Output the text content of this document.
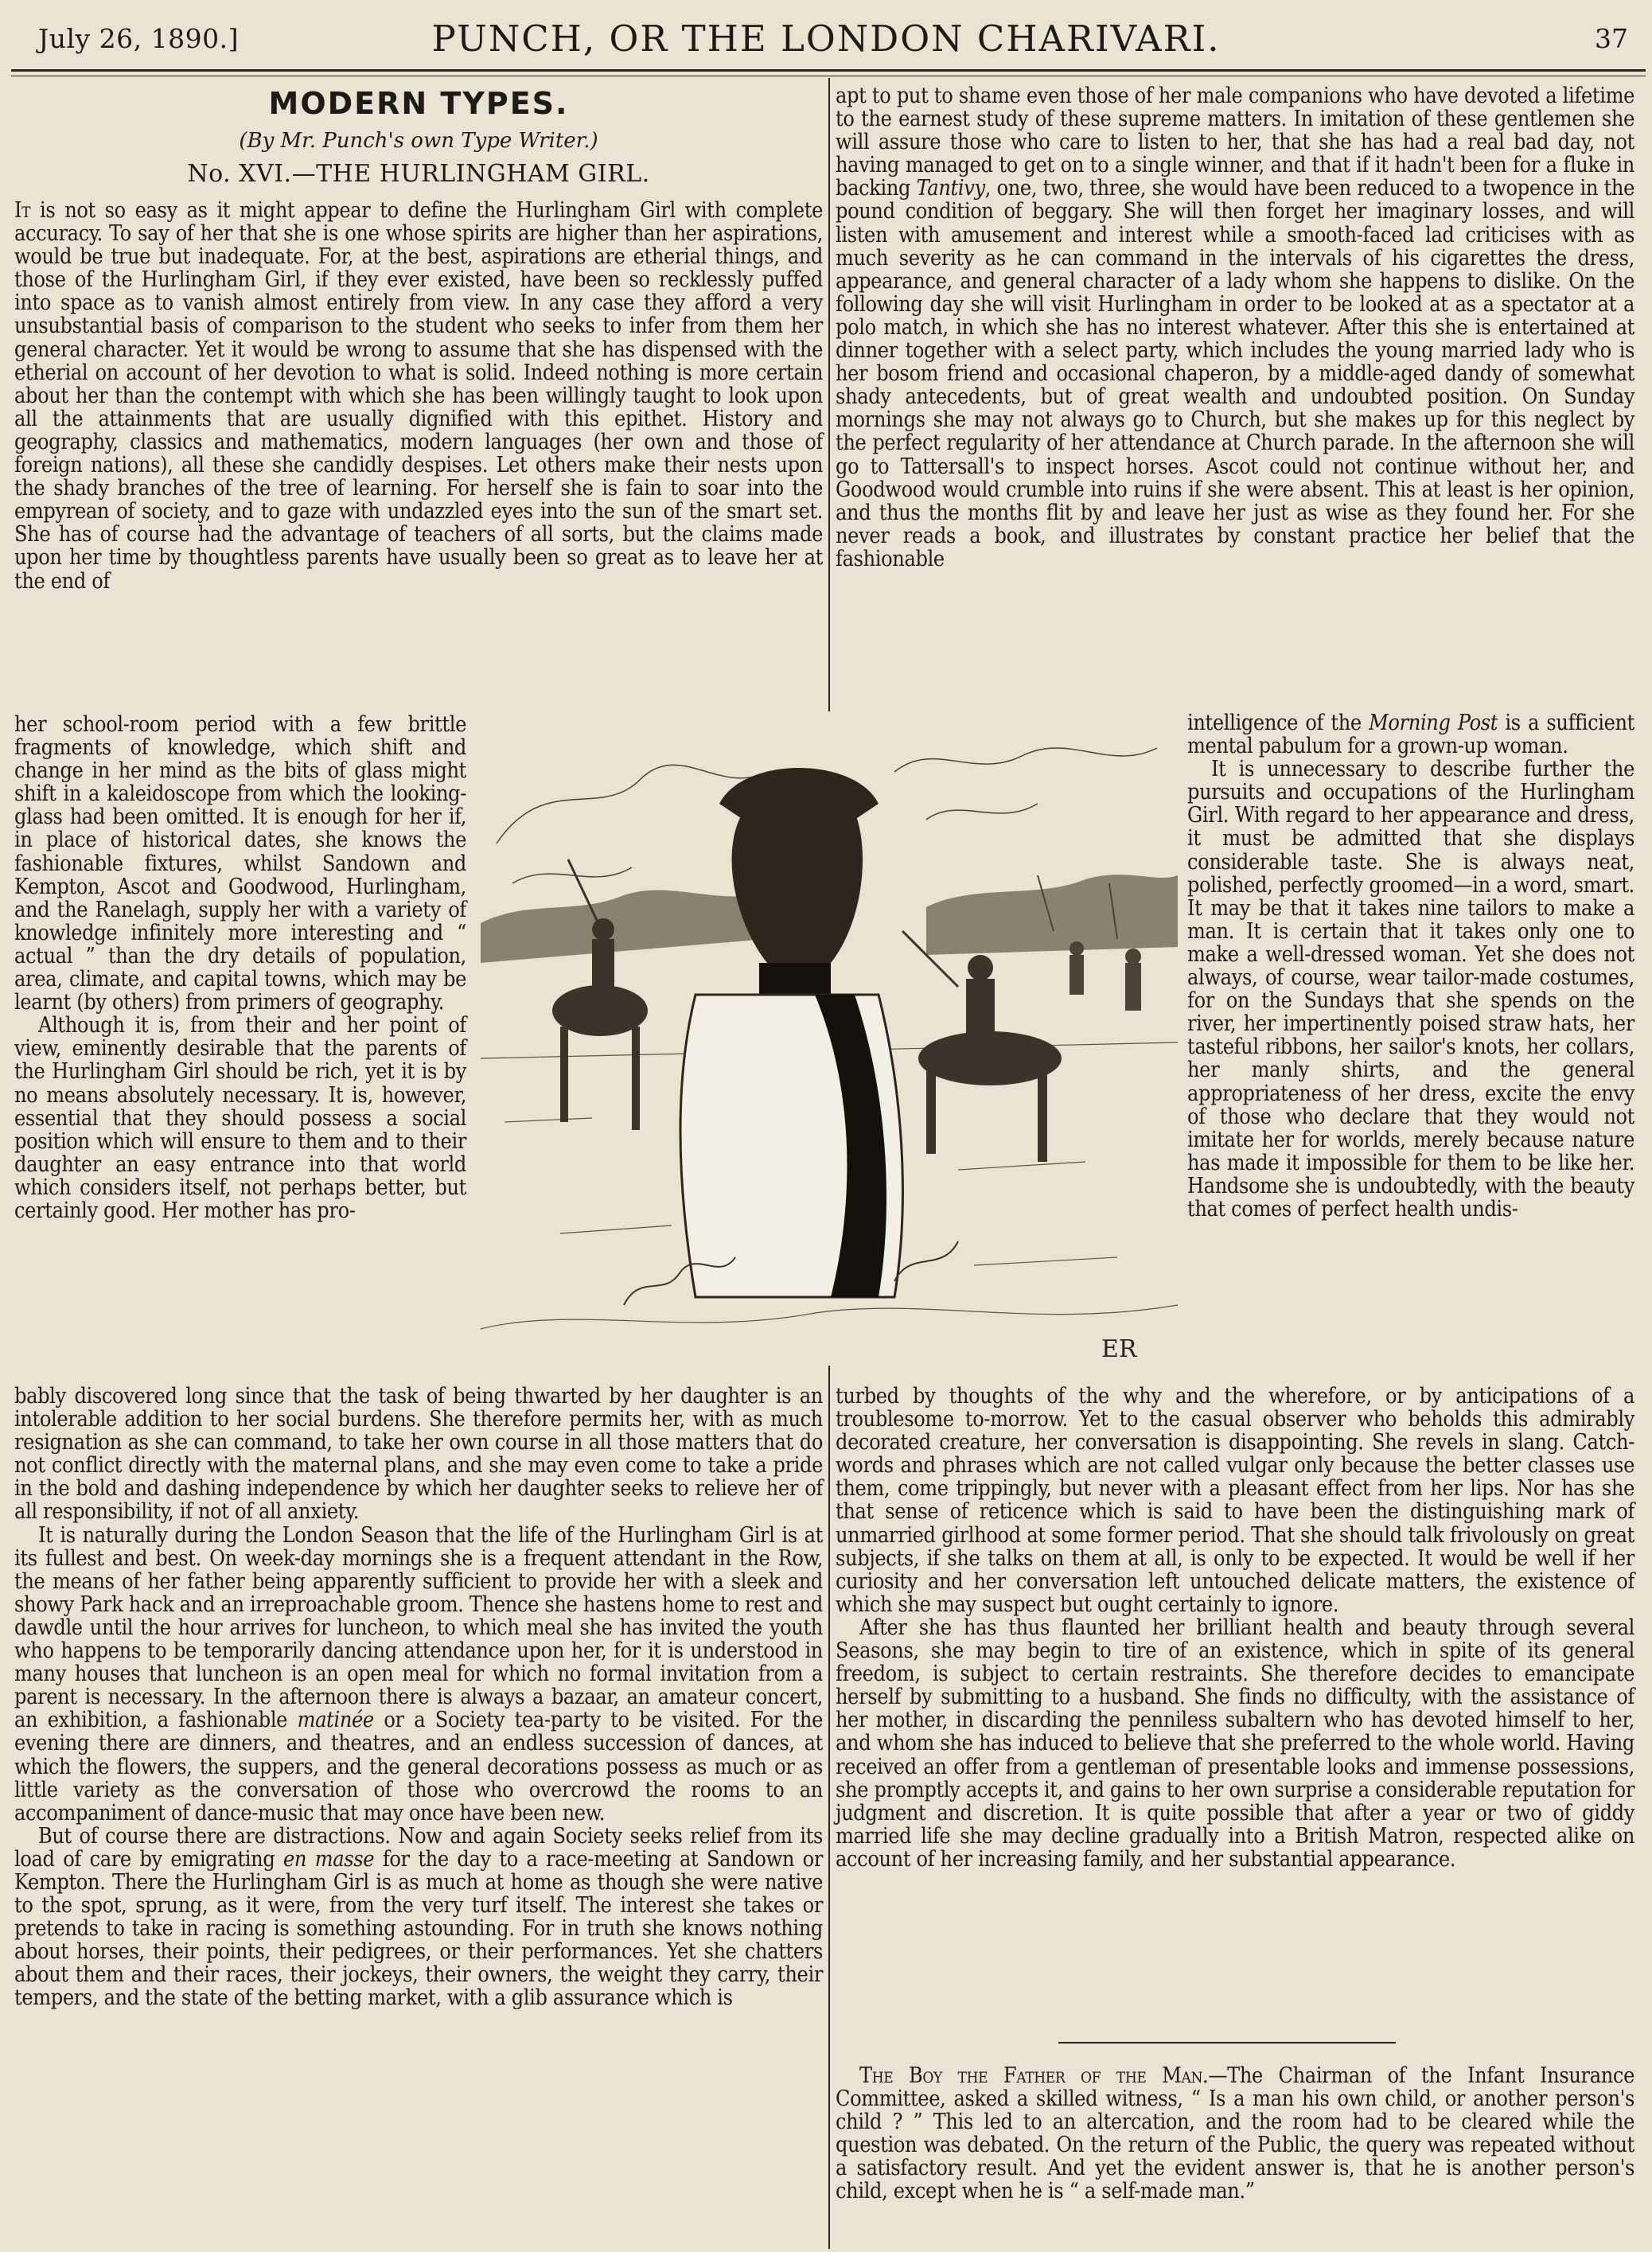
July 26, 1890.]	PUNCH, OR THE LONDON CHARIVARI.	37
MODERN TYPES.
(By Mr. Punch's own Type Writer.)
No. XVI.—THE HURLINGHAM GIRL.

It is not so easy as it might appear to define the Hurlingham Girl with complete accuracy. To say of her that she is one whose spirits are higher than her aspirations, would be true but inadequate. For, at the best, aspirations are etherial things, and those of the Hurlingham Girl, if they ever existed, have been so recklessly puffed into space as to vanish almost entirely from view. In any case they afford a very unsubstantial basis of comparison to the student who seeks to infer from them her general character. Yet it would be wrong to assume that she has dispensed with the etherial on account of her devotion to what is solid. Indeed nothing is more certain about her than the contempt with which she has been willingly taught to look upon all the attainments that are usually dignified with this epithet. History and geography, classics and mathematics, modern languages (her own and those of foreign nations), all these she candidly despises. Let others make their nests upon the shady branches of the tree of learning. For herself she is fain to soar into the empyrean of society, and to gaze with undazzled eyes into the sun of the smart set. She has of course had the advantage of teachers of all sorts, but the claims made upon her time by thoughtless parents have usually been so great as to leave her at the end of

her school-room period with a few brittle fragments of knowledge, which shift and change in her mind as the bits of glass might shift in a kaleidoscope from which the looking-glass had been omitted. It is enough for her if, in place of historical dates, she knows the fashionable fixtures, whilst Sandown and Kempton, Ascot and Goodwood, Hurlingham, and the Ranelagh, supply her with a variety of knowledge infinitely more interesting and “ actual ” than the dry details of population, area, climate, and capital towns, which may be learnt (by others) from primers of geography.

Although it is, from their and her point of view, eminently desirable that the parents of the Hurlingham Girl should be rich, yet it is by no means absolutely necessary. It is, however, essential that they should possess a social position which will ensure to them and to their daughter an easy entrance into that world which considers itself, not perhaps better, but certainly good. Her mother has pro-

bably discovered long since that the task of being thwarted by her daughter is an intolerable addition to her social burdens. She therefore permits her, with as much resignation as she can command, to take her own course in all those matters that do not conflict directly with the maternal plans, and she may even come to take a pride in the bold and dashing independence by which her daughter seeks to relieve her of all responsibility, if not of all anxiety.

It is naturally during the London Season that the life of the Hurlingham Girl is at its fullest and best. On week-day mornings she is a frequent attendant in the Row, the means of her father being apparently sufficient to provide her with a sleek and showy Park hack and an irreproachable groom. Thence she hastens home to rest and dawdle until the hour arrives for luncheon, to which meal she has invited the youth who happens to be temporarily dancing attendance upon her, for it is understood in many houses that luncheon is an open meal for which no formal invitation from a parent is necessary. In the afternoon there is always a bazaar, an amateur concert, an exhibition, a fashionable matinée or a Society tea-party to be visited. For the evening there are dinners, and theatres, and an endless succession of dances, at which the flowers, the suppers, and the general decorations possess as much or as little variety as the conversation of those who overcrowd the rooms to an accompaniment of dance-music that may once have been new.

But of course there are distractions. Now and again Society seeks relief from its load of care by emigrating en masse for the day to a race-meeting at Sandown or Kempton. There the Hurlingham Girl is as much at home as though she were native to the spot, sprung, as it were, from the very turf itself. The interest she takes or pretends to take in racing is something astounding. For in truth she knows nothing about horses, their points, their pedigrees, or their performances. Yet she chatters about them and their races, their jockeys, their owners, the weight they carry, their tempers, and the state of the betting market, with a glib assurance which is

apt to put to shame even those of her male companions who have devoted a lifetime to the earnest study of these supreme matters. In imitation of these gentlemen she will assure those who care to listen to her, that she has had a real bad day, not having managed to get on to a single winner, and that if it hadn't been for a fluke in backing Tantivy, one, two, three, she would have been reduced to a twopence in the pound condition of beggary. She will then forget her imaginary losses, and will listen with amusement and interest while a smooth-faced lad criticises with as much severity as he can command in the intervals of his cigarettes the dress, appearance, and general character of a lady whom she happens to dislike. On the following day she will visit Hurlingham in order to be looked at as a spectator at a polo match, in which she has no interest whatever. After this she is entertained at dinner together with a select party, which includes the young married lady who is her bosom friend and occasional chaperon, by a middle-aged dandy of somewhat shady antecedents, but of great wealth and undoubted position. On Sunday mornings she may not always go to Church, but she makes up for this neglect by the perfect regularity of her attendance at Church parade. In the afternoon she will go to Tattersall's to inspect horses. Ascot could not continue without her, and Goodwood would crumble into ruins if she were absent. This at least is her opinion, and thus the months flit by and leave her just as wise as they found her. For she never reads a book, and illustrates by constant practice her belief that the fashionable

intelligence of the Morning Post is a sufficient mental pabulum for a grown-up woman.

It is unnecessary to describe further the pursuits and occupations of the Hurlingham Girl. With regard to her appearance and dress, it must be admitted that she displays considerable taste. She is always neat, polished, perfectly groomed—in a word, smart. It may be that it takes nine tailors to make a man. It is certain that it takes only one to make a well-dressed woman. Yet she does not always, of course, wear tailor-made costumes, for on the Sundays that she spends on the river, her impertinently poised straw hats, her tasteful ribbons, her sailor's knots, her collars, her manly shirts, and the general appropriateness of her dress, excite the envy of those who declare that they would not imitate her for worlds, merely because nature has made it impossible for them to be like her. Handsome she is undoubtedly, with the beauty that comes of perfect health undis-

turbed by thoughts of the why and the wherefore, or by anticipations of a troublesome to-morrow. Yet to the casual observer who beholds this admirably decorated creature, her conversation is disappointing. She revels in slang. Catch-words and phrases which are not called vulgar only because the better classes use them, come trippingly, but never with a pleasant effect from her lips. Nor has she that sense of reticence which is said to have been the distinguishing mark of unmarried girlhood at some former period. That she should talk frivolously on great subjects, if she talks on them at all, is only to be expected. It would be well if her curiosity and her conversation left untouched delicate matters, the existence of which she may suspect but ought certainly to ignore.

After she has thus flaunted her brilliant health and beauty through several Seasons, she may begin to tire of an existence, which in spite of its general freedom, is subject to certain restraints. She therefore decides to emancipate herself by submitting to a husband. She finds no difficulty, with the assistance of her mother, in discarding the penniless subaltern who has devoted himself to her, and whom she has induced to believe that she preferred to the whole world. Having received an offer from a gentleman of presentable looks and immense possessions, she promptly accepts it, and gains to her own surprise a considerable reputation for judgment and discretion. It is quite possible that after a year or two of giddy married life she may decline gradually into a British Matron, respected alike on account of her increasing family, and her substantial appearance.

The Boy the Father of the Man.—The Chairman of the Infant Insurance Committee, asked a skilled witness, “ Is a man his own child, or another person's child ? ” This led to an altercation, and the room had to be cleared while the question was debated. On the return of the Public, the query was repeated without a satisfactory result. And yet the evident answer is, that he is another person's child, except when he is “ a self-made man.”

ER
